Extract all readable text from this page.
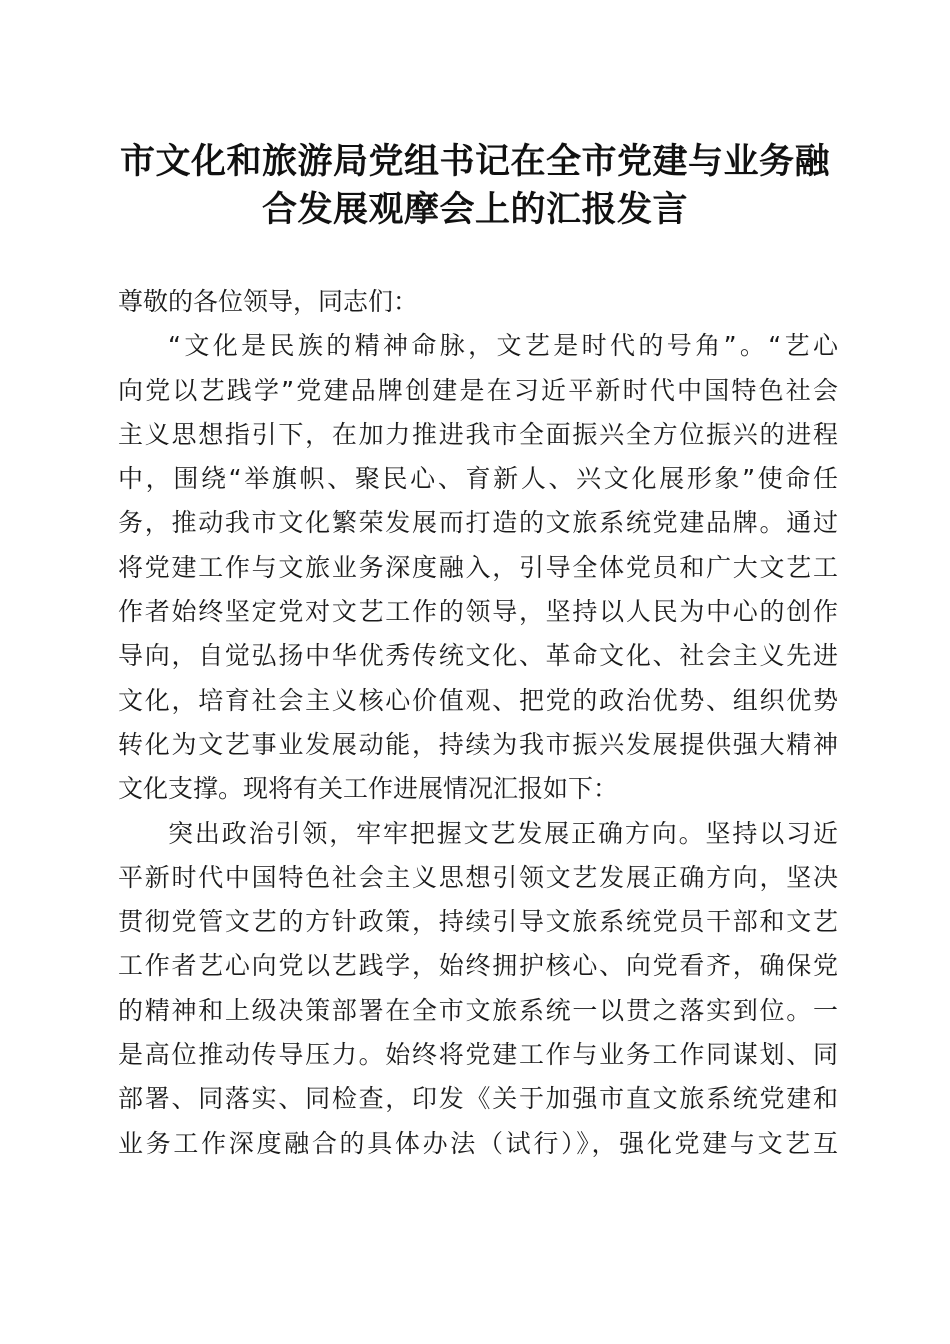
市文化和旅游局党组书记在全市党建与业务融
合发展观摩会上的汇报发言
尊敬的各位领导，同志们：
“文化是民族的精神命脉，文艺是时代的号角”。“艺心
向党以艺践学”党建品牌创建是在习近平新时代中国特色社会
主义思想指引下，在加力推进我市全面振兴全方位振兴的进程
中，围绕“举旗帜、聚民心、育新人、兴文化展形象”使命任
务，推动我市文化繁荣发展而打造的文旅系统党建品牌。通过
将党建工作与文旅业务深度融入，引导全体党员和广大文艺工
作者始终坚定党对文艺工作的领导，坚持以人民为中心的创作
导向，自觉弘扬中华优秀传统文化、革命文化、社会主义先进
文化，培育社会主义核心价值观、把党的政治优势、组织优势
转化为文艺事业发展动能，持续为我市振兴发展提供强大精神
文化支撑。现将有关工作进展情况汇报如下：
突出政治引领，牢牢把握文艺发展正确方向。坚持以习近
平新时代中国特色社会主义思想引领文艺发展正确方向，坚决
贯彻党管文艺的方针政策，持续引导文旅系统党员干部和文艺
工作者艺心向党以艺践学，始终拥护核心、向党看齐，确保党
的精神和上级决策部署在全市文旅系统一以贯之落实到位。一
是高位推动传导压力。始终将党建工作与业务工作同谋划、同
部署、同落实、同检查，印发《关于加强市直文旅系统党建和
业务工作深度融合的具体办法（试行）》，强化党建与文艺互
